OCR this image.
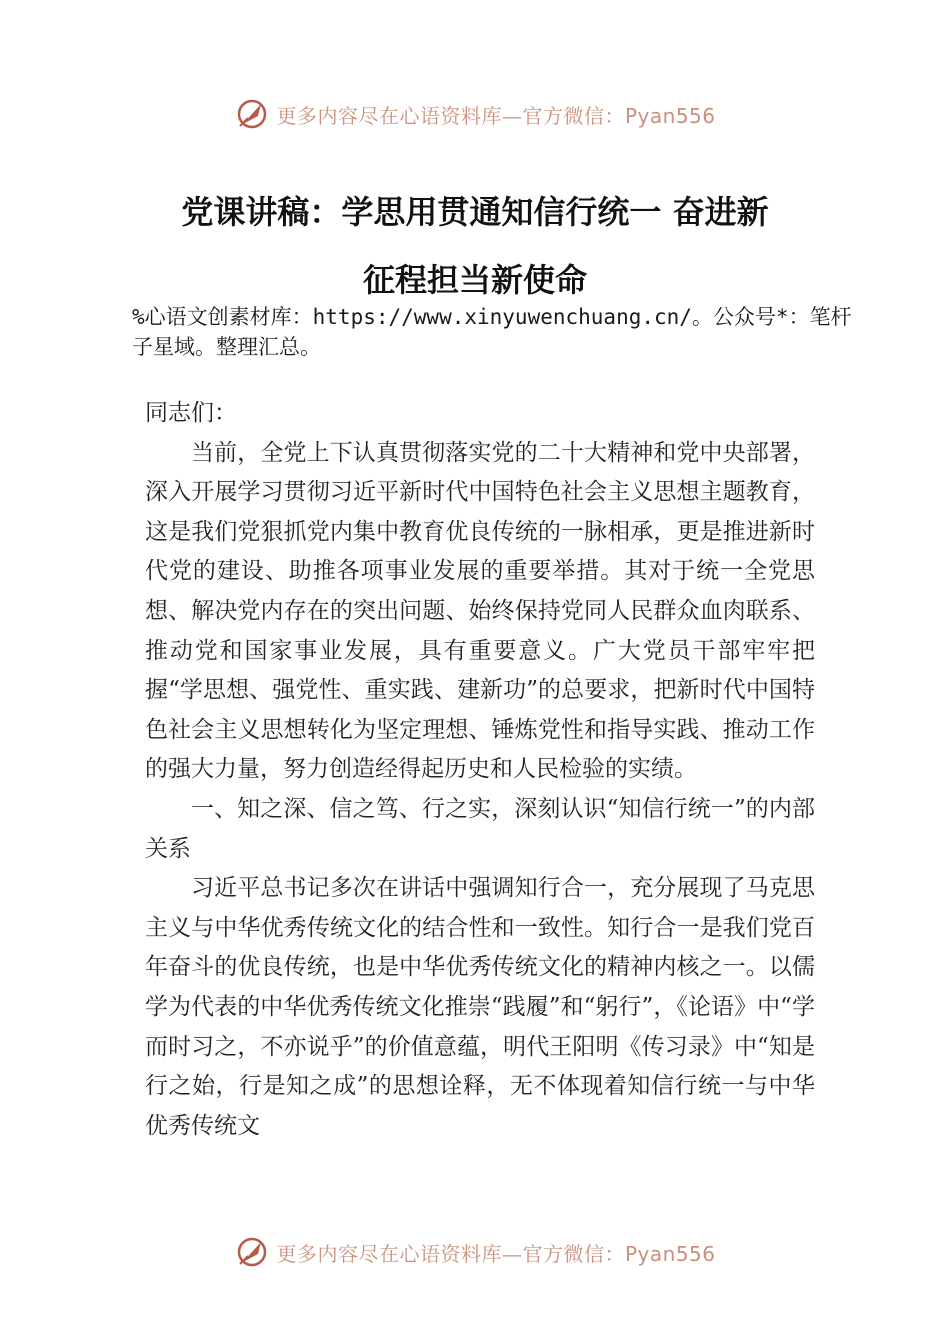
更多内容尽在心语资料库—官方微信：Pyan556
党课讲稿：学思用贯通知信行统一 奋进新
征程担当新使命
%心语文创素材库：https://www.xinyuwenchuang.cn/。公众号*：笔杆子星域。整理汇总。

同志们：

当前，全党上下认真贯彻落实党的二十大精神和党中央部署，深入开展学习贯彻习近平新时代中国特色社会主义思想主题教育，这是我们党狠抓党内集中教育优良传统的一脉相承，更是推进新时代党的建设、助推各项事业发展的重要举措。其对于统一全党思想、解决党内存在的突出问题、始终保持党同人民群众血肉联系、推动党和国家事业发展，具有重要意义。广大党员干部牢牢把握“学思想、强党性、重实践、建新功”的总要求，把新时代中国特色社会主义思想转化为坚定理想、锤炼党性和指导实践、推动工作的强大力量，努力创造经得起历史和人民检验的实绩。

一、知之深、信之笃、行之实，深刻认识“知信行统一”的内部关系

习近平总书记多次在讲话中强调知行合一，充分展现了马克思主义与中华优秀传统文化的结合性和一致性。知行合一是我们党百年奋斗的优良传统，也是中华优秀传统文化的精神内核之一。以儒学为代表的中华优秀传统文化推崇“践履”和“躬行”，《论语》中“学而时习之，不亦说乎”的价值意蕴，明代王阳明《传习录》中“知是行之始，行是知之成”的思想诠释，无不体现着知信行统一与中华优秀传统文

更多内容尽在心语资料库—官方微信：Pyan556
